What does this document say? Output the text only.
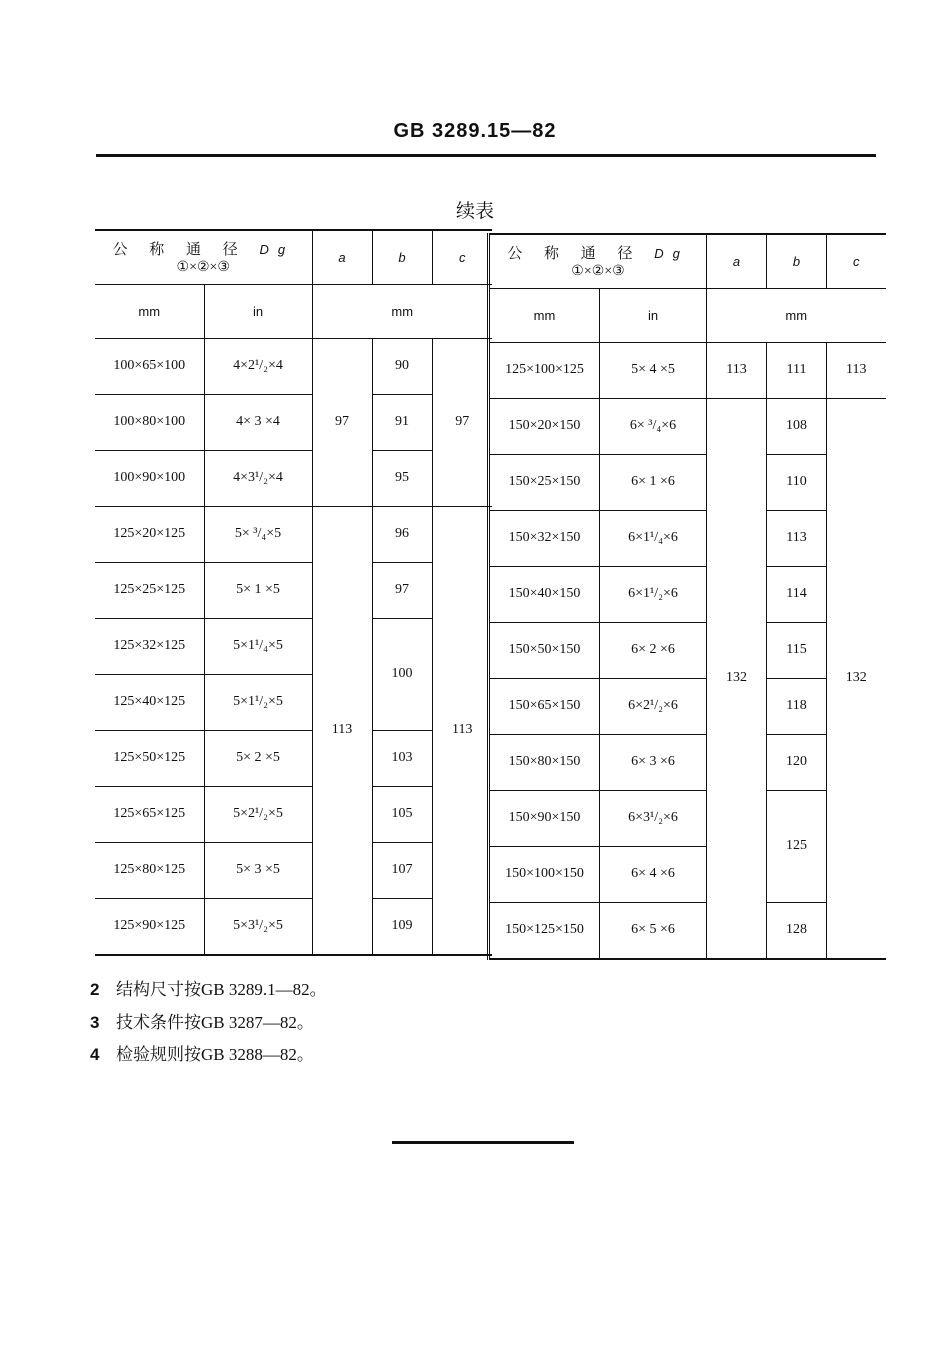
GB 3289.15—82
续表
公 称 通 径 Dg
①×②×③		a	b	c
mm	in	mm		
100×65×100	4×2¹/₂×4	97	90	97
100×80×100	4× 3 ×4		91	
100×90×100	4×3¹/₂×4		95	
125×20×125	5× ³/₄×5	113	96	113
125×25×125	5× 1 ×5		97	
125×32×125	5×1¹/₄×5		100	
125×40×125	5×1¹/₂×5			
125×50×125	5× 2 ×5		103	
125×65×125	5×2¹/₂×5		105	
125×80×125	5× 3 ×5		107	
125×90×125	5×3¹/₂×5		109	
公 称 通 径 Dg
①×②×③		a	b	c
mm	in	mm		
125×100×125	5× 4 ×5	113	111	113
150×20×150	6× ³/₄×6	132	108	132
150×25×150	6× 1 ×6		110	
150×32×150	6×1¹/₄×6		113	
150×40×150	6×1¹/₂×6		114	
150×50×150	6× 2 ×6		115	
150×65×150	6×2¹/₂×6		118	
150×80×150	6× 3 ×6		120	
150×90×150	6×3¹/₂×6		125	
150×100×150	6× 4 ×6			
150×125×150	6× 5 ×6		128	
2 结构尺寸按GB 3289.1—82。
3 技术条件按GB 3287—82。
4 检验规则按GB 3288—82。
